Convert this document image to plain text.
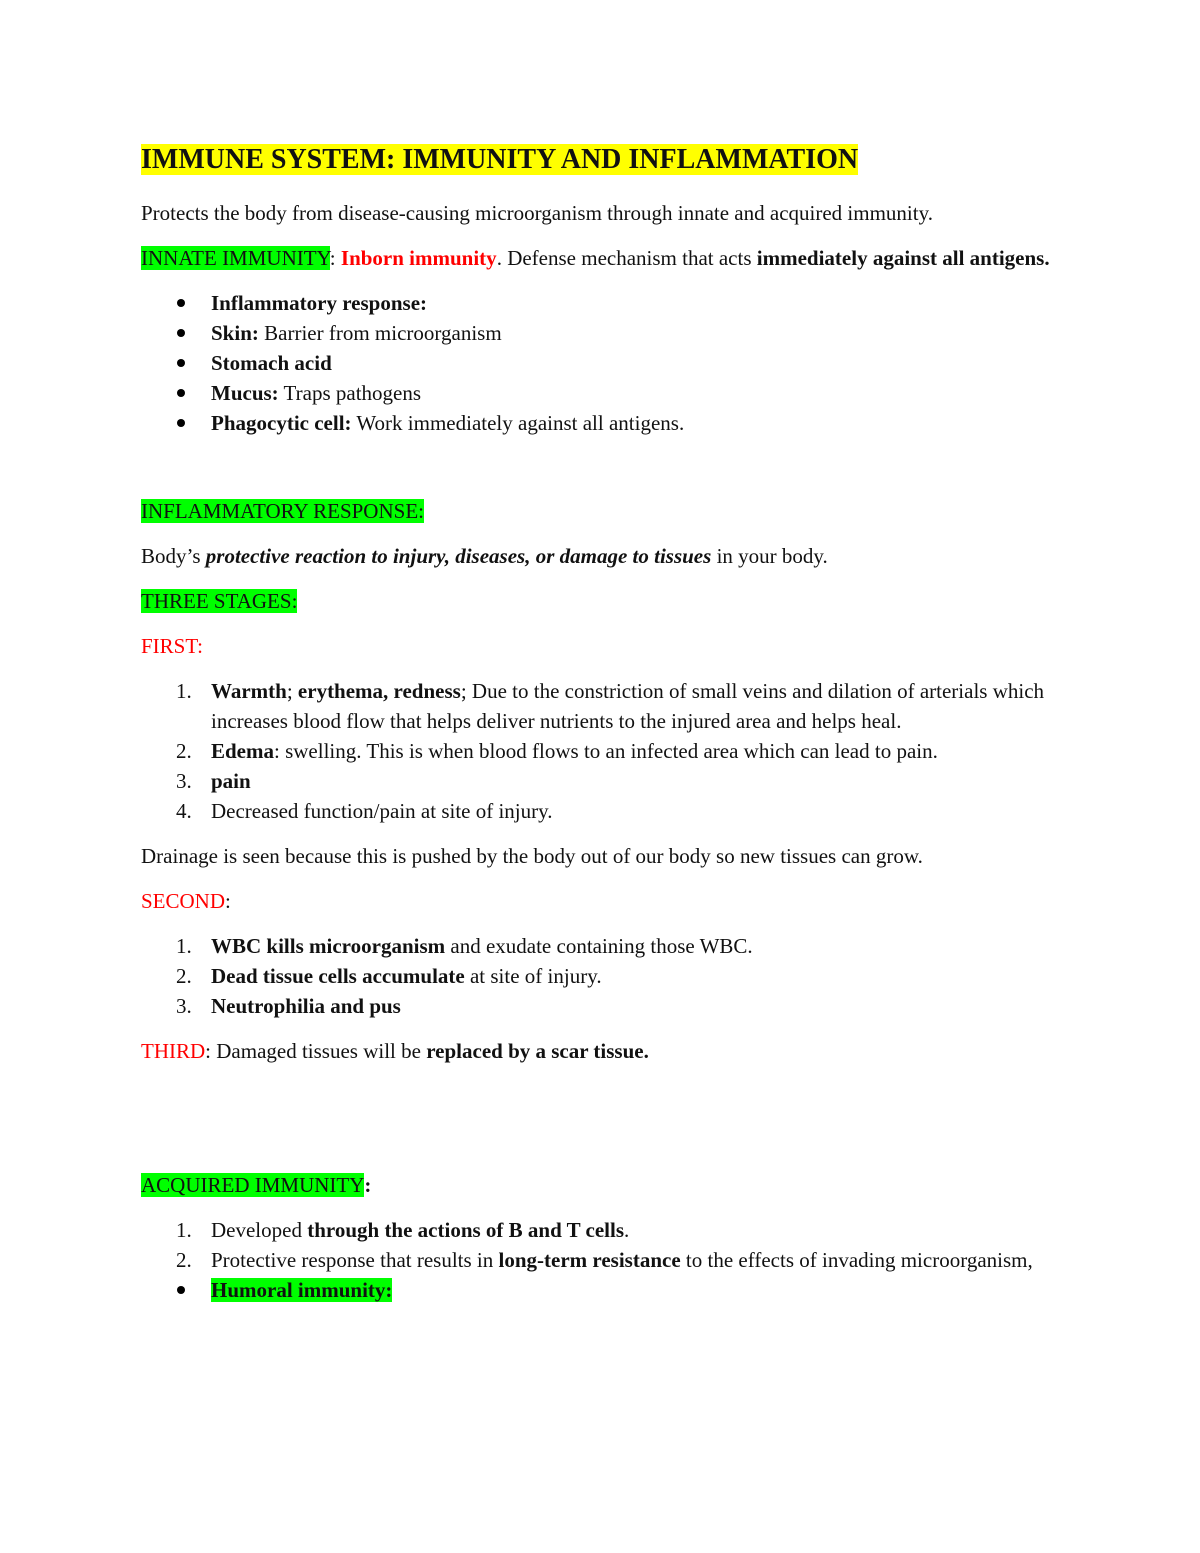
IMMUNE SYSTEM: IMMUNITY AND INFLAMMATION

Protects the body from disease-causing microorganism through innate and acquired immunity.

INNATE IMMUNITY: Inborn immunity. Defense mechanism that acts immediately against all antigens.

Inflammatory response:
Skin: Barrier from microorganism
Stomach acid
Mucus: Traps pathogens
Phagocytic cell: Work immediately against all antigens.

INFLAMMATORY RESPONSE:

Body’s protective reaction to injury, diseases, or damage to tissues in your body.

THREE STAGES:

FIRST:

1. Warmth; erythema, redness; Due to the constriction of small veins and dilation of arterials which increases blood flow that helps deliver nutrients to the injured area and helps heal.
2. Edema: swelling. This is when blood flows to an infected area which can lead to pain.
3. pain
4. Decreased function/pain at site of injury.

Drainage is seen because this is pushed by the body out of our body so new tissues can grow.

SECOND:

1. WBC kills microorganism and exudate containing those WBC.
2. Dead tissue cells accumulate at site of injury.
3. Neutrophilia and pus

THIRD: Damaged tissues will be replaced by a scar tissue.

ACQUIRED IMMUNITY:

1. Developed through the actions of B and T cells.
2. Protective response that results in long-term resistance to the effects of invading microorganism,
Humoral immunity:
